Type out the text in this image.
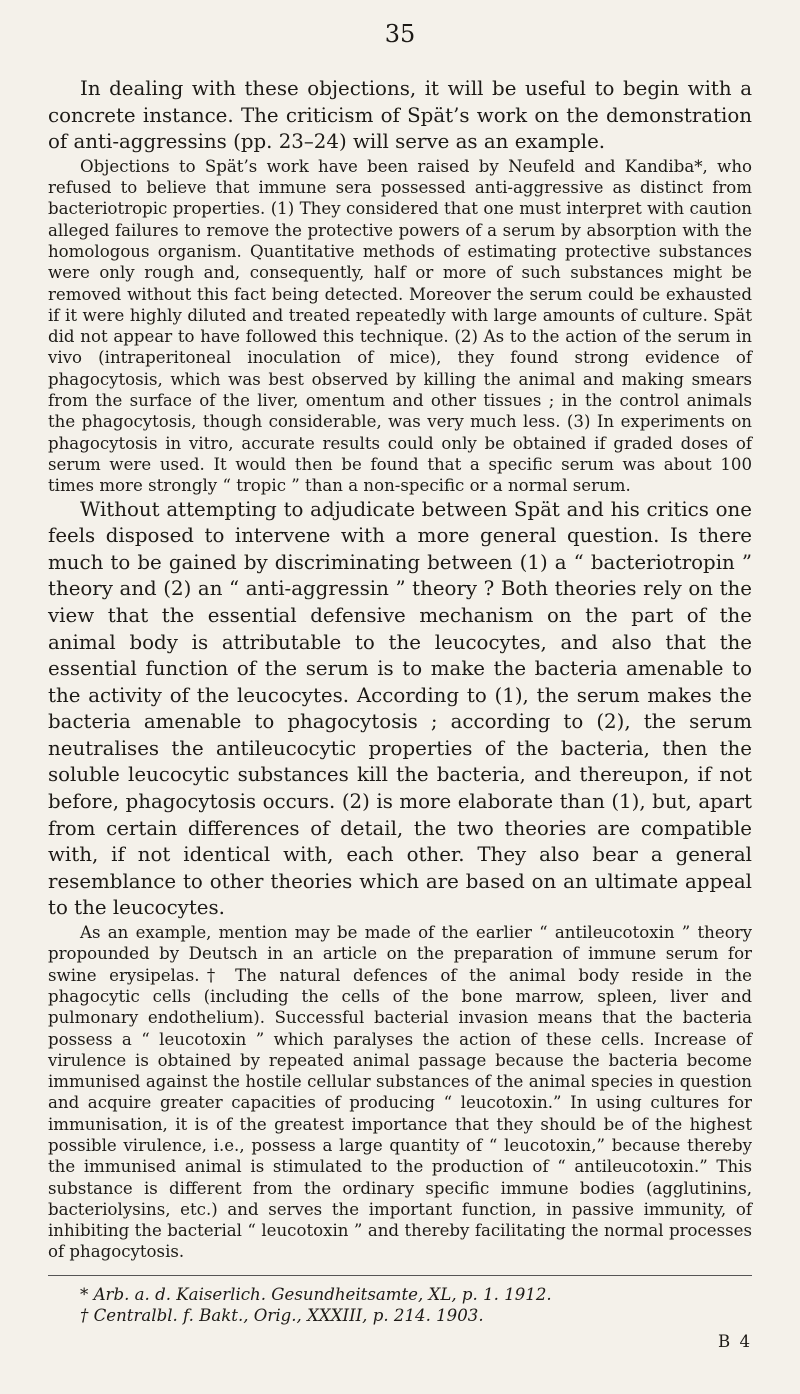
35

In dealing with these objections, it will be useful to begin with a concrete instance. The criticism of Spät’s work on the demonstration of anti-aggressins (pp. 23–24) will serve as an example.

Objections to Spät’s work have been raised by Neufeld and Kandiba*, who refused to believe that immune sera possessed anti-aggressive as distinct from bacteriotropic properties. (1) They considered that one must interpret with caution alleged failures to remove the protective powers of a serum by absorption with the homologous organism. Quantitative methods of estimating protective substances were only rough and, consequently, half or more of such substances might be removed without this fact being detected. Moreover the serum could be exhausted if it were highly diluted and treated repeatedly with large amounts of culture. Spät did not appear to have followed this technique. (2) As to the action of the serum in vivo (intraperitoneal inoculation of mice), they found strong evidence of phagocytosis, which was best observed by killing the animal and making smears from the surface of the liver, omentum and other tissues ; in the control animals the phagocytosis, though considerable, was very much less. (3) In experiments on phagocytosis in vitro, accurate results could only be obtained if graded doses of serum were used. It would then be found that a specific serum was about 100 times more strongly “ tropic ” than a non-specific or a normal serum.

Without attempting to adjudicate between Spät and his critics one feels disposed to intervene with a more general question. Is there much to be gained by discriminating between (1) a “ bacteriotropin ” theory and (2) an “ anti-aggressin ” theory ? Both theories rely on the view that the essential defensive mechanism on the part of the animal body is attributable to the leucocytes, and also that the essential function of the serum is to make the bacteria amenable to the activity of the leucocytes. According to (1), the serum makes the bacteria amenable to phagocytosis ; according to (2), the serum neutralises the antileucocytic properties of the bacteria, then the soluble leucocytic substances kill the bacteria, and thereupon, if not before, phagocytosis occurs. (2) is more elaborate than (1), but, apart from certain differences of detail, the two theories are compatible with, if not identical with, each other. They also bear a general resemblance to other theories which are based on an ultimate appeal to the leucocytes.

As an example, mention may be made of the earlier “ antileucotoxin ” theory propounded by Deutsch in an article on the preparation of immune serum for swine erysipelas.† The natural defences of the animal body reside in the phagocytic cells (including the cells of the bone marrow, spleen, liver and pulmonary endothelium). Successful bacterial invasion means that the bacteria possess a “ leucotoxin ” which paralyses the action of these cells. Increase of virulence is obtained by repeated animal passage because the bacteria become immunised against the hostile cellular substances of the animal species in question and acquire greater capacities of producing “ leucotoxin.” In using cultures for immunisation, it is of the greatest importance that they should be of the highest possible virulence, i.e., possess a large quantity of “ leucotoxin,” because thereby the immunised animal is stimulated to the production of “ antileucotoxin.” This substance is different from the ordinary specific immune bodies (agglutinins, bacteriolysins, etc.) and serves the important function, in passive immunity, of inhibiting the bacterial “ leucotoxin ” and thereby facilitating the normal processes of phagocytosis.

* Arb. a. d. Kaiserlich. Gesundheitsamte, XL, p. 1. 1912.

† Centralbl. f. Bakt., Orig., XXXIII, p. 214. 1903.

B 4
